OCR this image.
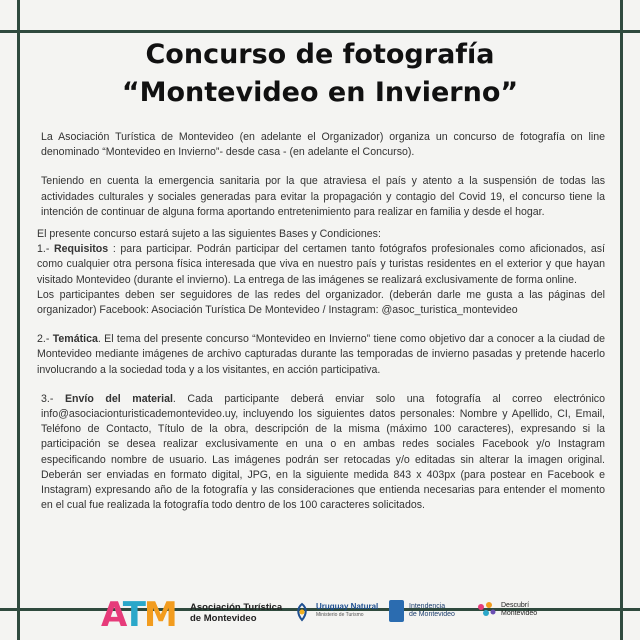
Concurso de fotografía
“Montevideo en Invierno”

La Asociación Turística de Montevideo (en adelante el Organizador) organiza un concurso de fotografía on line denominado “Montevideo en Invierno”- desde casa - (en adelante el Concurso).

Teniendo en cuenta la emergencia sanitaria por la que atraviesa el país y atento a la suspensión de todas las actividades culturales y sociales generadas para evitar la propagación y contagio del Covid 19, el concurso tiene la intención de continuar de alguna forma aportando entretenimiento para realizar en familia y desde el hogar.

El presente concurso estará sujeto a las siguientes Bases y Condiciones:

1.- Requisitos : para participar. Podrán participar del certamen tanto fotógrafos profesionales como aficionados, así como cualquier otra persona física interesada que viva en nuestro país y turistas residentes en el exterior y que hayan visitado Montevideo (durante el invierno). La entrega de las imágenes se realizará exclusivamente de forma online.

Los participantes deben ser seguidores de las redes del organizador. (deberán darle me gusta a las páginas del organizador) Facebook: Asociación Turística De Montevideo / Instagram: @asoc_turistica_montevideo

2.- Temática. El tema del presente concurso “Montevideo en Invierno” tiene como objetivo dar a conocer a la ciudad de Montevideo mediante imágenes de archivo capturadas durante las temporadas de invierno pasadas y pretende hacerlo involucrando a la sociedad toda y a los visitantes, en acción participativa.

3.- Envío del material. Cada participante deberá enviar solo una fotografía al correo electrónico info@asociacionturisticademontevideo.uy, incluyendo los siguientes datos personales: Nombre y Apellido, CI, Email, Teléfono de Contacto, Título de la obra, descripción de la misma (máximo 100 caracteres), expresando si la participación se desea realizar exclusivamente en una o en ambas redes sociales Facebook y/o Instagram especificando nombre de usuario. Las imágenes podrán ser retocadas y/o editadas sin alterar la imagen original. Deberán ser enviadas en formato digital, JPG, en la siguiente medida 843 x 403px (para postear en Facebook e Instagram) expresando año de la fotografía y las consideraciones que entienda necesarias para entender el momento en el cual fue realizada la fotografía todo dentro de los 100 caracteres solicitados.

ATM Asociación Turística
de Montevideo
Uruguay Natural
Ministerio de Turismo
Intendencia
de Montevideo
Descubrí
Montevideo
